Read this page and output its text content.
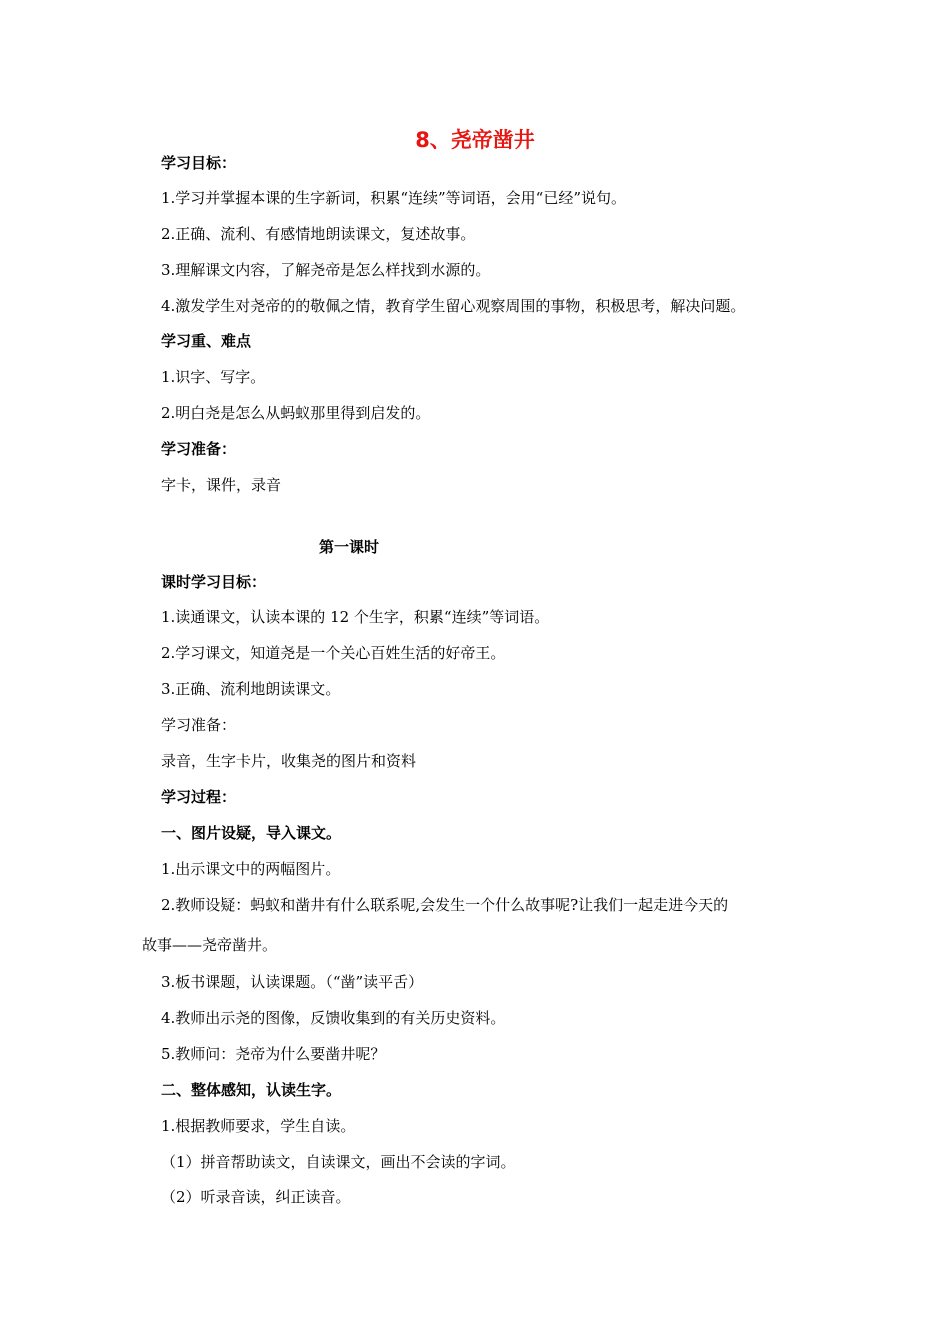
8、尧帝凿井
学习目标：
1.学习并掌握本课的生字新词，积累“连续”等词语，会用“已经”说句。
2.正确、流利、有感情地朗读课文，复述故事。
3.理解课文内容，了解尧帝是怎么样找到水源的。
4.激发学生对尧帝的的敬佩之情，教育学生留心观察周围的事物，积极思考，解决问题。
学习重、难点
1.识字、写字。
2.明白尧是怎么从蚂蚁那里得到启发的。
学习准备：
字卡，课件，录音
第一课时
课时学习目标：
1.读通课文，认读本课的 12 个生字，积累“连续”等词语。
2.学习课文，知道尧是一个关心百姓生活的好帝王。
3.正确、流利地朗读课文。
学习准备：
录音，生字卡片，收集尧的图片和资料
学习过程：
一、图片设疑，导入课文。
1.出示课文中的两幅图片。
2.教师设疑：蚂蚁和凿井有什么联系呢,会发生一个什么故事呢?让我们一起走进今天的
故事——尧帝凿井。
3.板书课题，认读课题。（“凿”读平舌）
4.教师出示尧的图像，反馈收集到的有关历史资料。
5.教师问：尧帝为什么要凿井呢？
二、整体感知，认读生字。
1.根据教师要求，学生自读。
（1）拼音帮助读文，自读课文，画出不会读的字词。
（2）听录音读，纠正读音。
